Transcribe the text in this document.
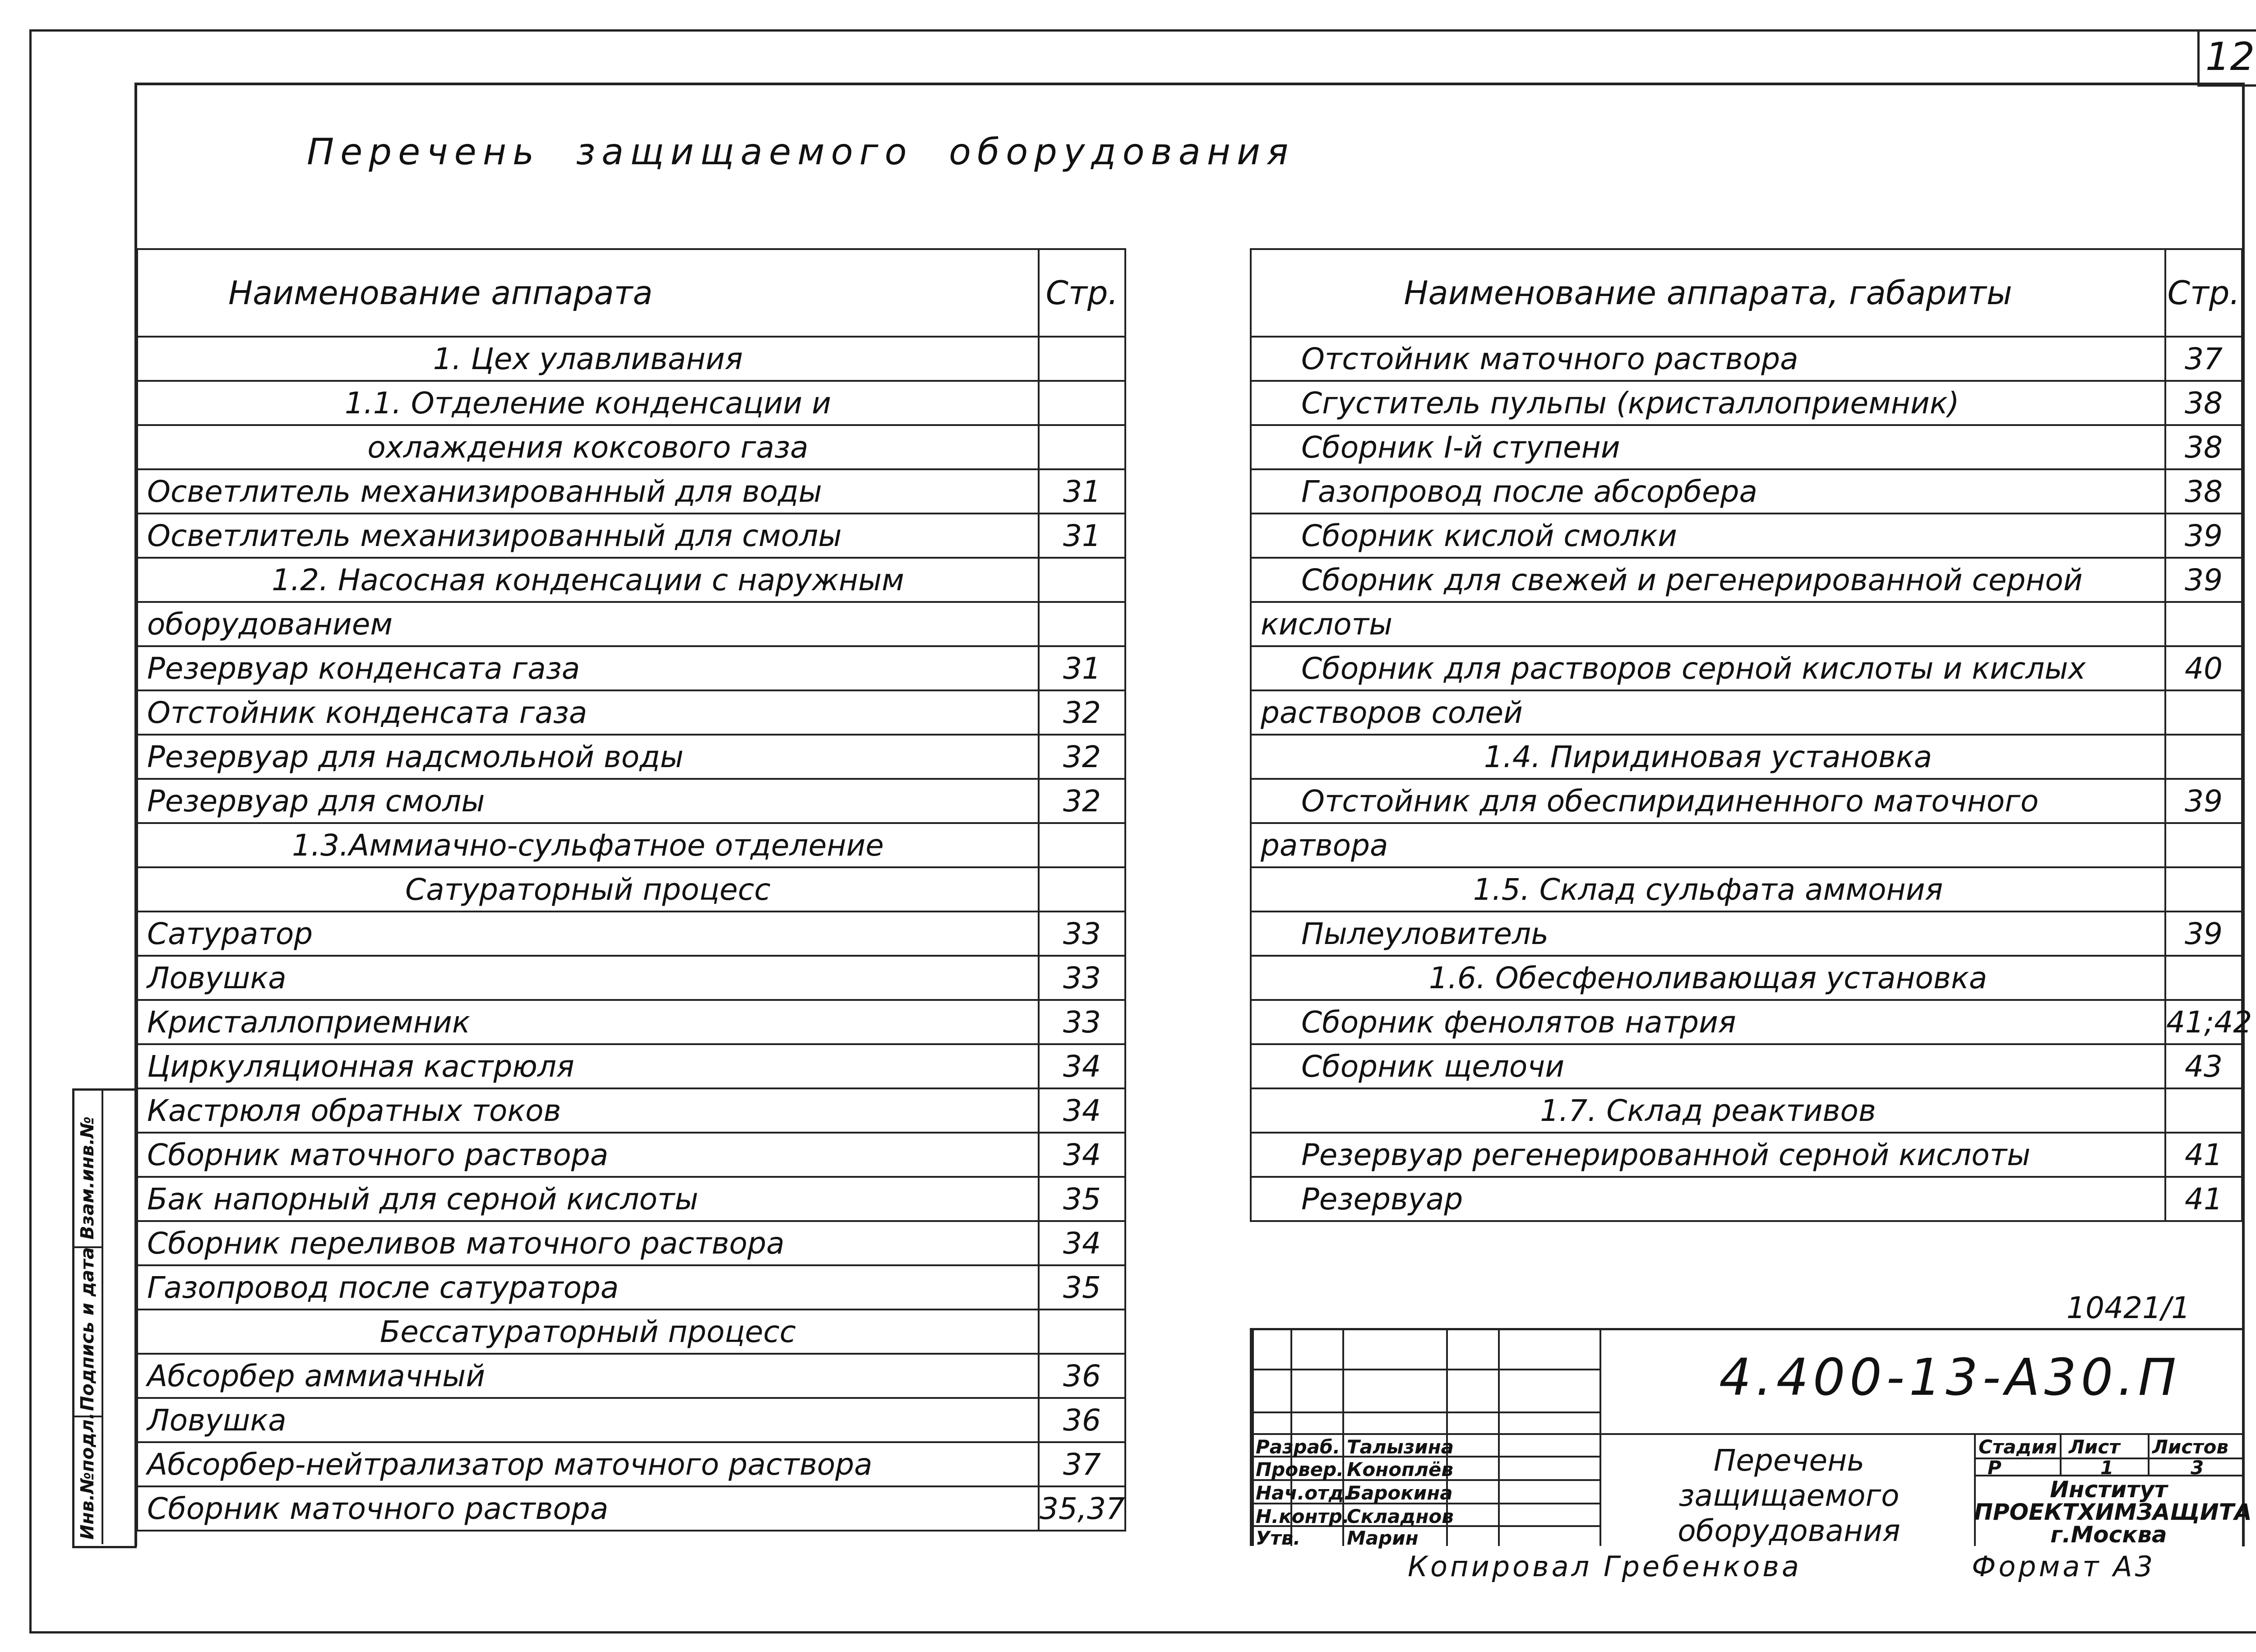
12
Перечень защищаемого оборудования
Наименование аппарата	Стр.
1. Цех улавливания	
1.1. Отделение конденсации и	
охлаждения коксового газа	
Осветлитель механизированный для воды	31
Осветлитель механизированный для смолы	31
1.2. Насосная конденсации с наружным	
оборудованием	
Резервуар конденсата газа	31
Отстойник конденсата газа	32
Резервуар для надсмольной воды	32
Резервуар для смолы	32
1.3.Аммиачно-сульфатное отделение	
Сатураторный процесс	
Сатуратор	33
Ловушка	33
Кристаллоприемник	33
Циркуляционная кастрюля	34
Кастрюля обратных токов	34
Сборник маточного раствора	34
Бак напорный для серной кислоты	35
Сборник переливов маточного раствора	34
Газопровод после сатуратора	35
Бессатураторный процесс	
Абсорбер аммиачный	36
Ловушка	36
Абсорбер-нейтрализатор маточного раствора	37
Сборник маточного раствора	35,37
Наименование аппарата, габариты	Стр.
Отстойник маточного раствора	37
Сгуститель пульпы (кристаллоприемник)	38
Сборник I-й ступени	38
Газопровод после абсорбера	38
Сборник кислой смолки	39
Сборник для свежей и регенерированной серной	39
кислоты	
Сборник для растворов серной кислоты и кислых	40
растворов солей	
1.4. Пиридиновая установка	
Отстойник для обеспиридиненного маточного	39
ратвора	
1.5. Склад сульфата аммония	
Пылеуловитель	39
1.6. Обесфеноливающая установка	
Сборник фенолятов натрия	41;42
Сборник щелочи	43
1.7. Склад реактивов	
Резервуар регенерированной серной кислоты	41
Резервуар	41
Взам.инв.№
Подпись и дата
Инв.№подл.
10421/1
4.400-13-А30.П
Разраб. Талызина
Провер. Коноплёв
Нач.отд.
Барокина
Н.контр.
Складнов
Утв. Марин
Перечень
защищаемого
оборудования
Стадия Лист Листов
Р	1	3
Институт
ПРОЕКТХИМЗАЩИТА
г.Москва
Копировал Гребенкова	Формат А3
